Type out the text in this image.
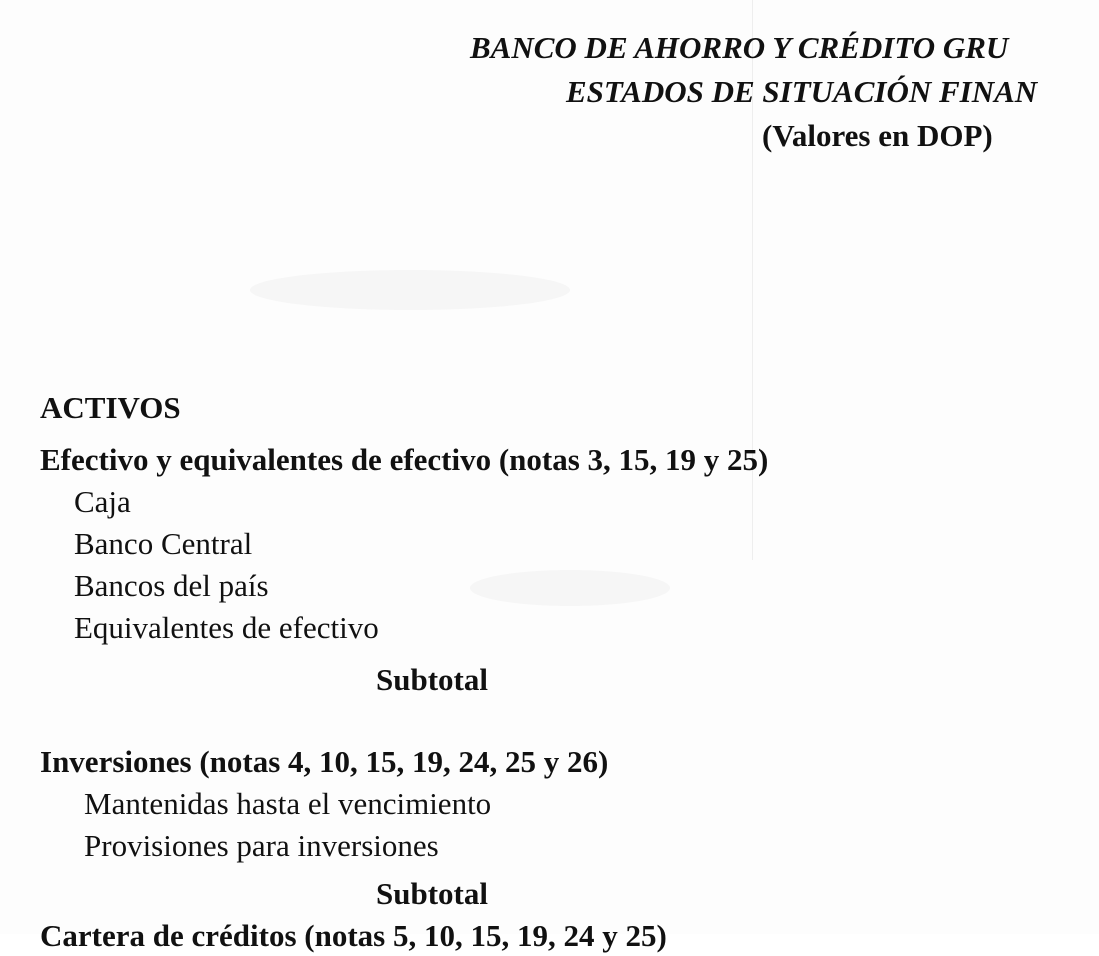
BANCO DE AHORRO Y CRÉDITO GRU
ESTADOS DE SITUACIÓN FINAN
(Valores en DOP)
ACTIVOS
Efectivo y equivalentes de efectivo (notas 3, 15, 19 y 25)
Caja
Banco Central
Bancos del país
Equivalentes de efectivo
Subtotal
Inversiones (notas 4, 10, 15, 19, 24, 25 y 26)
Mantenidas hasta el vencimiento
Provisiones para inversiones
Subtotal
Cartera de créditos (notas 5, 10, 15, 19, 24 y 25)
